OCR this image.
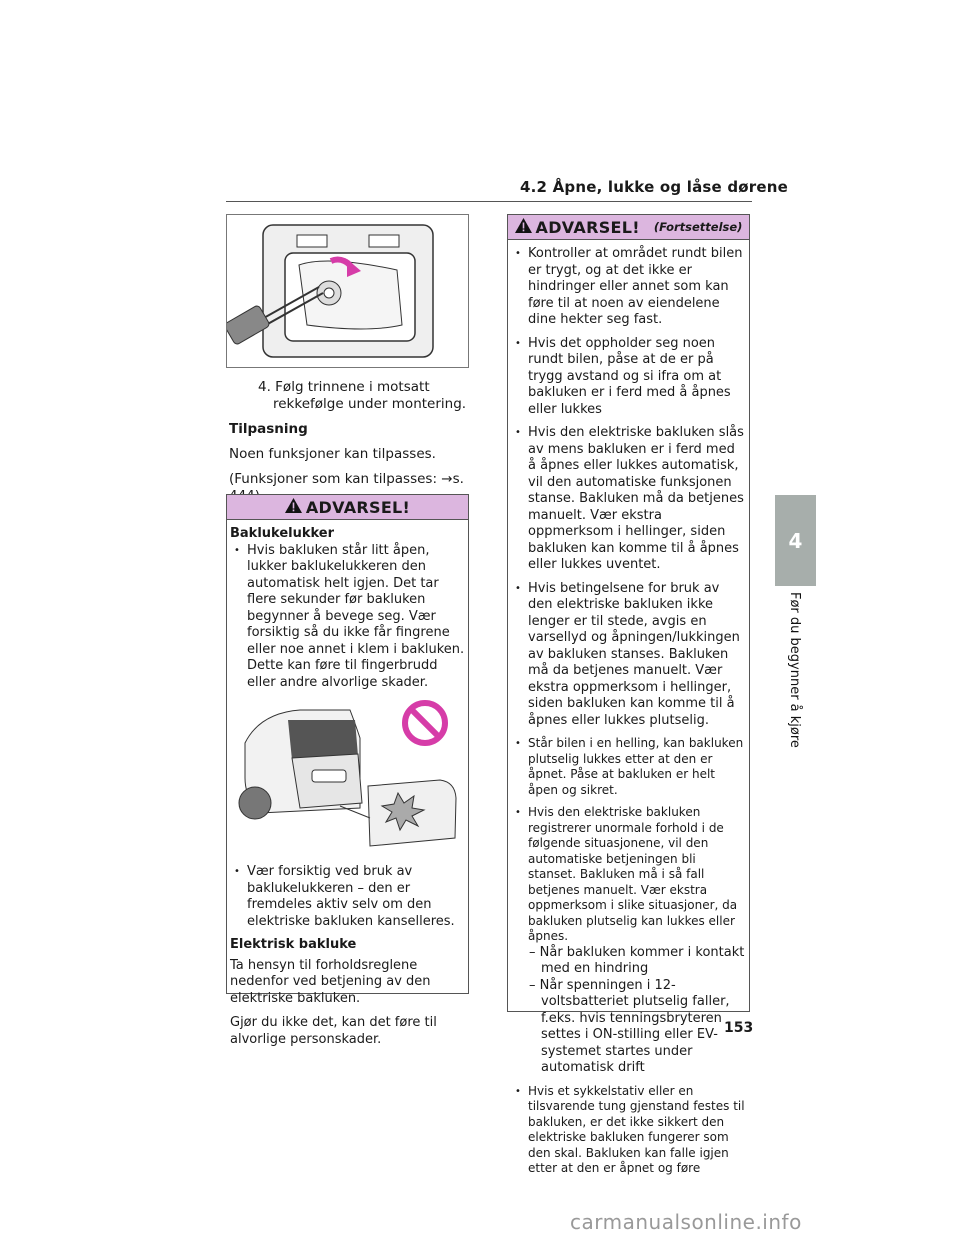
4.2 Åpne, lukke og låse dørene
4
Før du begynner å kjøre

4. Følg trinnene i motsatt rekkefølge under montering.

Tilpasning

Noen funksjoner kan tilpasses.

(Funksjoner som kan tilpasses: →s.

ADVARSEL!
Baklukelukker
• Hvis bakluken står litt åpen, lukker baklukelukkeren den automatisk helt igjen. Det tar flere sekunder før bakluken begynner å bevege seg. Vær forsiktig så du ikke får fingrene eller noe annet i klem i bakluken. Dette kan føre til fingerbrudd eller andre alvorlige skader.
• Vær forsiktig ved bruk av baklukelukkeren – den er fremdeles aktiv selv om den elektriske bakluken kanselleres.
Elektrisk bakluke

Ta hensyn til forholdsreglene nedenfor ved betjening av den elektriske bakluken.

Gjør du ikke det, kan det føre til alvorlige personskader.

ADVARSEL! (Fortsettelse)
• Kontroller at området rundt bilen er trygt, og at det ikke er hindringer eller annet som kan føre til at noen av eiendelene dine hekter seg fast.
• Hvis det oppholder seg noen rundt bilen, påse at de er på trygg avstand og si ifra om at bakluken er i ferd med å åpnes eller lukkes
• Hvis den elektriske bakluken slås av mens bakluken er i ferd med å åpnes eller lukkes automatisk, vil den automatiske funksjonen stanse. Bakluken må da betjenes manuelt. Vær ekstra oppmerksom i hellinger, siden bakluken kan komme til å åpnes eller lukkes uventet.
• Hvis betingelsene for bruk av den elektriske bakluken ikke lenger er til stede, avgis en varsellyd og åpningen/lukkingen av bakluken stanses. Bakluken må da betjenes manuelt. Vær ekstra oppmerksom i hellinger, siden bakluken kan komme til å åpnes eller lukkes plutselig.
• Står bilen i en helling, kan bakluken plutselig lukkes etter at den er åpnet. Påse at bakluken er helt åpen og sikret.
• Hvis den elektriske bakluken registrerer unormale forhold i de følgende situasjonene, vil den automatiske betjeningen bli stanset. Bakluken må i så fall betjenes manuelt. Vær ekstra oppmerksom i slike situasjoner, da bakluken plutselig kan lukkes eller åpnes.

– Når bakluken kommer i kontakt med en hindring

– Når spenningen i 12-voltsbatteriet plutselig faller, f.eks. hvis tenningsbryteren settes i ON-stilling eller EV-systemet startes under automatisk drift

• Hvis et sykkelstativ eller en tilsvarende tung gjenstand festes til bakluken, er det ikke sikkert den elektriske bakluken fungerer som den skal. Bakluken kan falle igjen etter at den er åpnet og føre
153
carmanualsonline.info
